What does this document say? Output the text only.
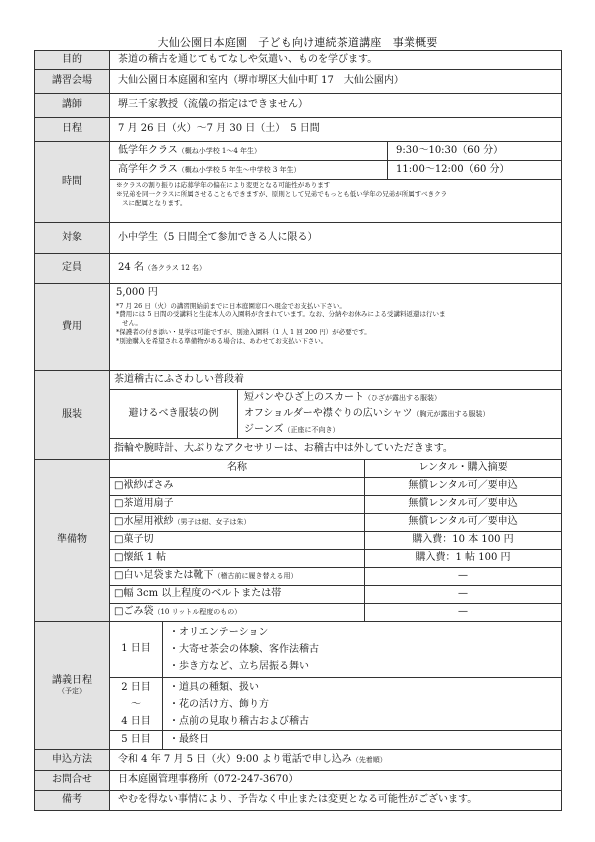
大仙公園日本庭園　子ども向け連続茶道講座　事業概要
目的	茶道の稽古を通じてもてなしや気遣い、ものを学びます。
講習会場	大仙公園日本庭園和室内（堺市堺区大仙中町 17　大仙公園内）
講師	堺三千家教授（流儀の指定はできません）
日程	7 月 26 日（火）～7 月 30 日（土）　5 日間
時間	
低学年クラス（概ね小学校 1～4 年生）	9:30～10:30（60 分）
高学年クラス（概ね小学校 5 年生～中学校 3 年生）	11:00～12:00（60 分）
※クラスの割り振りは応募学年の偏在により変更となる可能性があります
※兄弟を同一クラスに所属させることもできますが、原則として兄弟でもっとも低い学年の兄弟が所属すべきクラ
スに配属となります。

対象	小中学生（5 日間全て参加できる人に限る）
定員	24 名（各クラス 12 名）
費用	
5,000 円
*7 月 26 日（火）の講習開始前までに日本庭園窓口へ現金でお支払い下さい。
*費用には 5 日間の受講料と生徒本人の入園料が含まれています。なお、分納やお休みによる受講料返還は行いま
せん。
*保護者の付き添い・見学は可能ですが、別途入園料（1 人 1 回 200 円）が必要です。
*別途購入を希望される準備物がある場合は、あわせてお支払い下さい。

服装	
茶道稽古にふさわしい普段着
避けるべき服装の例	
短パンやひざ上のスカート（ひざが露出する服装）
オフショルダーや襟ぐりの広いシャツ（胸元が露出する服装）
ジーンズ（正座に不向き）
指輪や腕時計、大ぶりなアクセサリーは、お稽古中は外していただきます。

準備物	
名称	レンタル・購入摘要
□袱紗ばさみ	無償レンタル可／要申込
□茶道用扇子	無償レンタル可／要申込
□水屋用袱紗（男子は紺、女子は朱）	無償レンタル可／要申込
□菓子切	購入費：10 本 100 円
□懐紙 1 帖	購入費：1 帖 100 円
□白い足袋または靴下（稽古前に履き替える用）	—
□幅 3cm 以上程度のベルトまたは帯	—
□ごみ袋（10 リットル程度のもの）	—

講義日程
（予定）

1 日目	
・オリエンテーション
・大寄せ茶会の体験、客作法稽古
・歩き方など、立ち居振る舞い

2 日目
～
4 日目

・道具の種類、扱い
・花の活け方、飾り方
・点前の見取り稽古および稽古

5 日目	・最終日

申込方法	令和 4 年 7 月 5 日（火）9:00 より電話で申し込み（先着順）
お問合せ	日本庭園管理事務所（072-247-3670）
備考	やむを得ない事情により、予告なく中止または変更となる可能性がございます。
